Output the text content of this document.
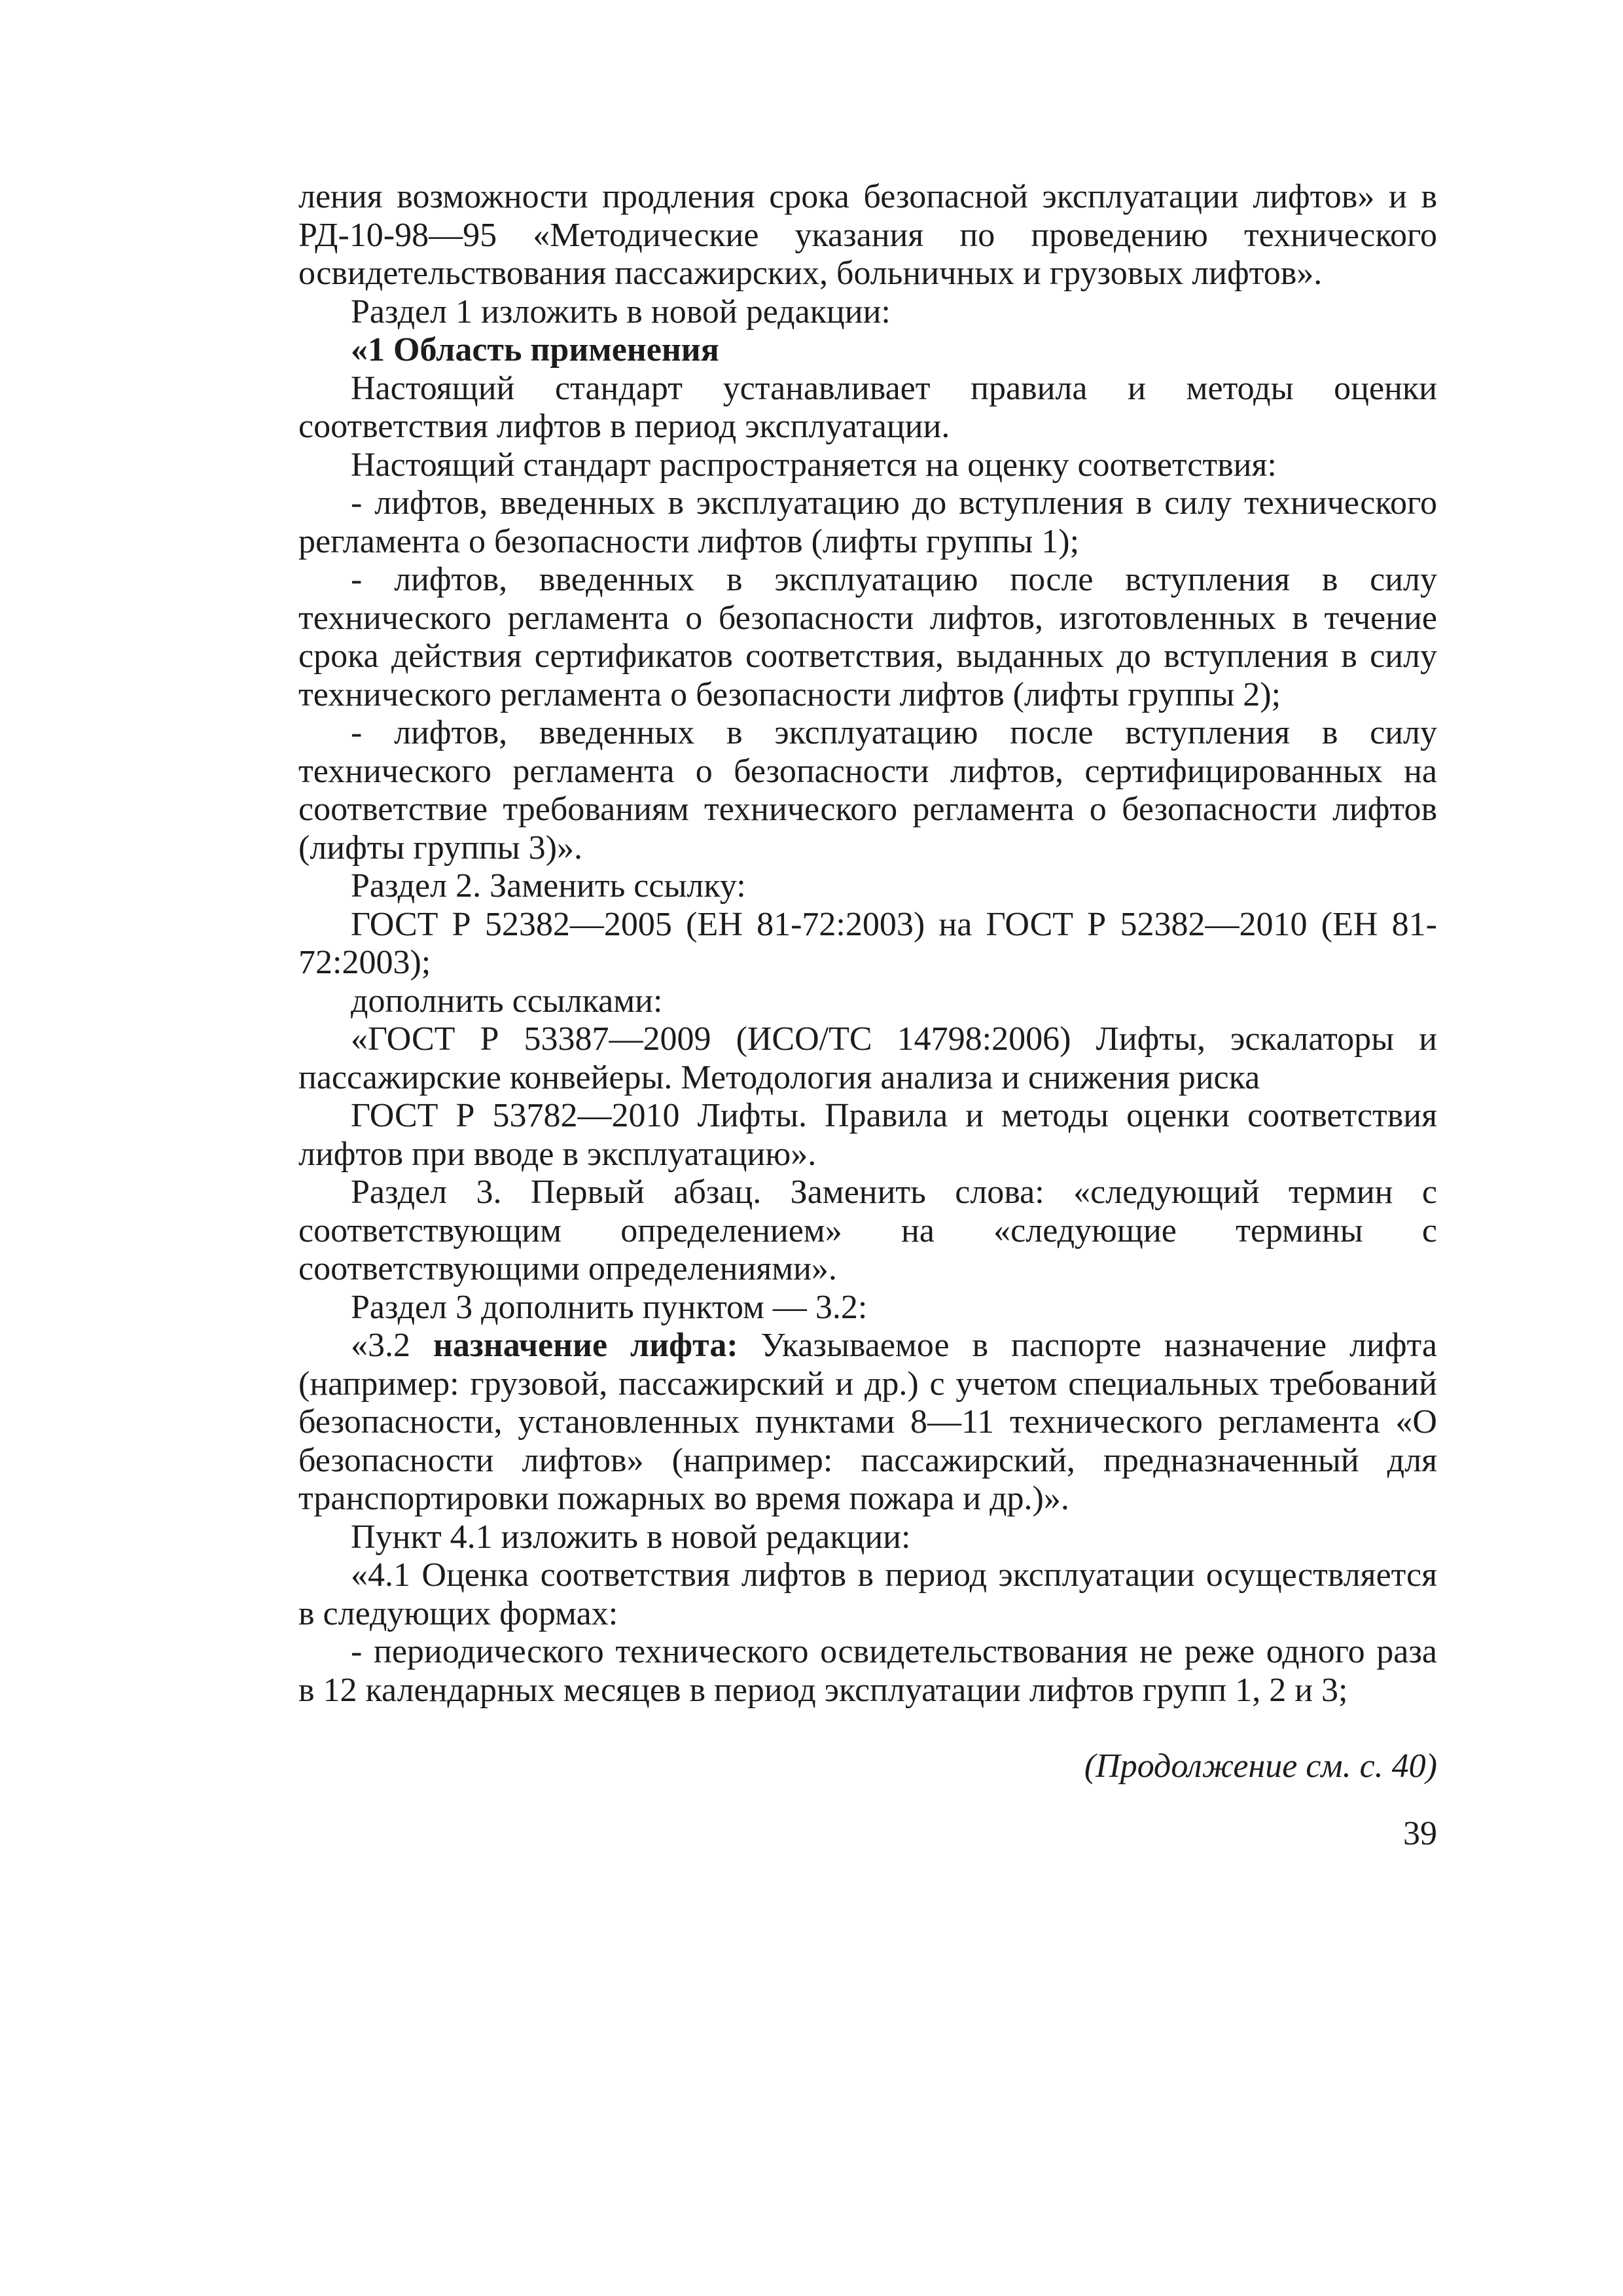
ления возможности продления срока безопасной эксплуатации лифтов» и в РД-10-98—95 «Методические указания по проведению технического освидетельствования пассажирских, больничных и грузовых лифтов».

Раздел 1 изложить в новой редакции:

«1 Область применения

Настоящий стандарт устанавливает правила и методы оценки соответствия лифтов в период эксплуатации.

Настоящий стандарт распространяется на оценку соответствия:

- лифтов, введенных в эксплуатацию до вступления в силу технического регламента о безопасности лифтов (лифты группы 1);

- лифтов, введенных в эксплуатацию после вступления в силу технического регламента о безопасности лифтов, изготовленных в течение срока действия сертификатов соответствия, выданных до вступления в силу технического регламента о безопасности лифтов (лифты группы 2);

- лифтов, введенных в эксплуатацию после вступления в силу технического регламента о безопасности лифтов, сертифицированных на соответствие требованиям технического регламента о безопасности лифтов (лифты группы 3)».

Раздел 2. Заменить ссылку:

ГОСТ Р 52382—2005 (ЕН 81-72:2003) на ГОСТ Р 52382—2010 (ЕН 81-72:2003);

дополнить ссылками:

«ГОСТ Р 53387—2009 (ИСО/ТС 14798:2006) Лифты, эскалаторы и пассажирские конвейеры. Методология анализа и снижения риска

ГОСТ Р 53782—2010 Лифты. Правила и методы оценки соответствия лифтов при вводе в эксплуатацию».

Раздел 3. Первый абзац. Заменить слова: «следующий термин с соответствующим определением» на «следующие термины с соответствующими определениями».

Раздел 3 дополнить пунктом — 3.2:

«3.2 назначение лифта: Указываемое в паспорте назначение лифта (например: грузовой, пассажирский и др.) с учетом специальных требований безопасности, установленных пунктами 8—11 технического регламента «О безопасности лифтов» (например: пассажирский, предназначенный для транспортировки пожарных во время пожара и др.)».

Пункт 4.1 изложить в новой редакции:

«4.1 Оценка соответствия лифтов в период эксплуатации осуществляется в следующих формах:

- периодического технического освидетельствования не реже одного раза в 12 календарных месяцев в период эксплуатации лифтов групп 1, 2 и 3;

(Продолжение см. с. 40)

39
